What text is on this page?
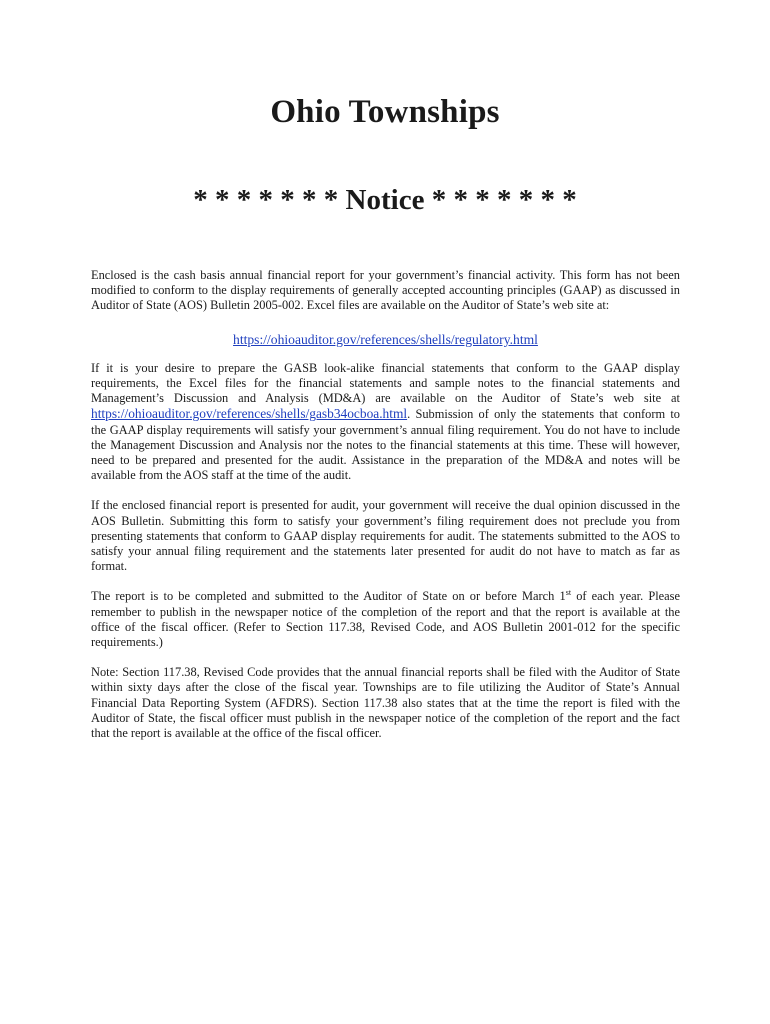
Ohio Townships
* * * * * * * Notice * * * * * * *

Enclosed is the cash basis annual financial report for your government’s financial activity. This form has not been modified to conform to the display requirements of generally accepted accounting principles (GAAP) as discussed in Auditor of State (AOS) Bulletin 2005-002. Excel files are available on the Auditor of State’s web site at:

https://ohioauditor.gov/references/shells/regulatory.html

If it is your desire to prepare the GASB look-alike financial statements that conform to the GAAP display requirements, the Excel files for the financial statements and sample notes to the financial statements and Management’s Discussion and Analysis (MD&A) are available on the Auditor of State’s web site at https://ohioauditor.gov/references/shells/gasb34ocboa.html. Submission of only the statements that conform to the GAAP display requirements will satisfy your government’s annual filing requirement. You do not have to include the Management Discussion and Analysis nor the notes to the financial statements at this time. These will however, need to be prepared and presented for the audit. Assistance in the preparation of the MD&A and notes will be available from the AOS staff at the time of the audit.

If the enclosed financial report is presented for audit, your government will receive the dual opinion discussed in the AOS Bulletin. Submitting this form to satisfy your government’s filing requirement does not preclude you from presenting statements that conform to GAAP display requirements for audit. The statements submitted to the AOS to satisfy your annual filing requirement and the statements later presented for audit do not have to match as far as format.

The report is to be completed and submitted to the Auditor of State on or before March 1st of each year. Please remember to publish in the newspaper notice of the completion of the report and that the report is available at the office of the fiscal officer. (Refer to Section 117.38, Revised Code, and AOS Bulletin 2001-012 for the specific requirements.)

Note: Section 117.38, Revised Code provides that the annual financial reports shall be filed with the Auditor of State within sixty days after the close of the fiscal year. Townships are to file utilizing the Auditor of State’s Annual Financial Data Reporting System (AFDRS). Section 117.38 also states that at the time the report is filed with the Auditor of State, the fiscal officer must publish in the newspaper notice of the completion of the report and the fact that the report is available at the office of the fiscal officer.
